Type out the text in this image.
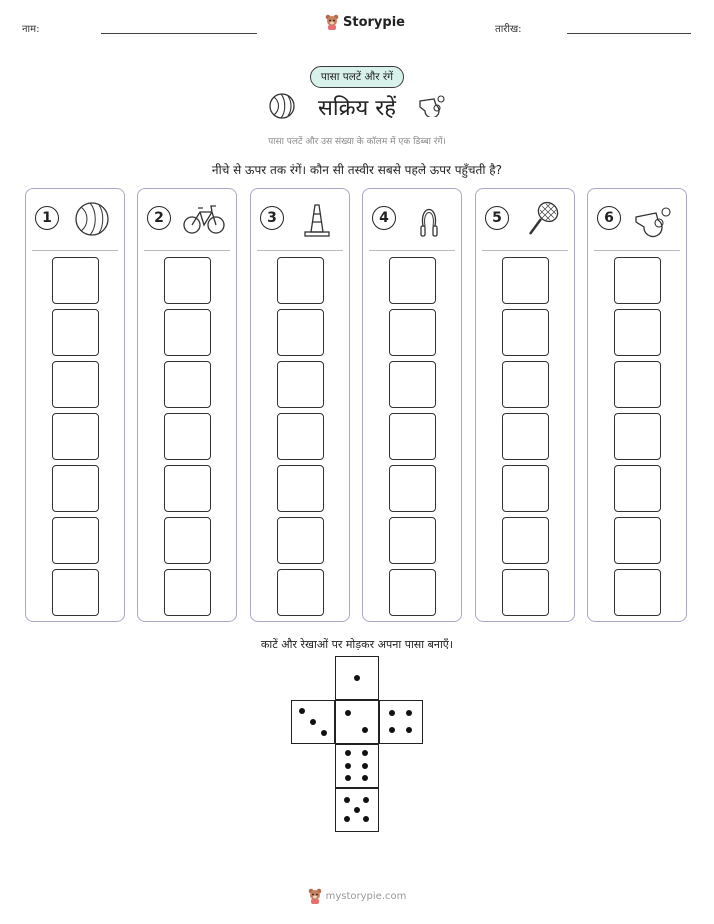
नाम:	Storypie	तारीख:
पासा पलटें और रंगें
सक्रिय रहें
पासा पलटें और उस संख्या के कॉलम में एक डिब्बा रंगें।
नीचे से ऊपर तक रंगें। कौन सी तस्वीर सबसे पहले ऊपर पहुँचती है?
1	2	3	4	5	6
काटें और रेखाओं पर मोड़कर अपना पासा बनाएँ।
mystorypie.com
